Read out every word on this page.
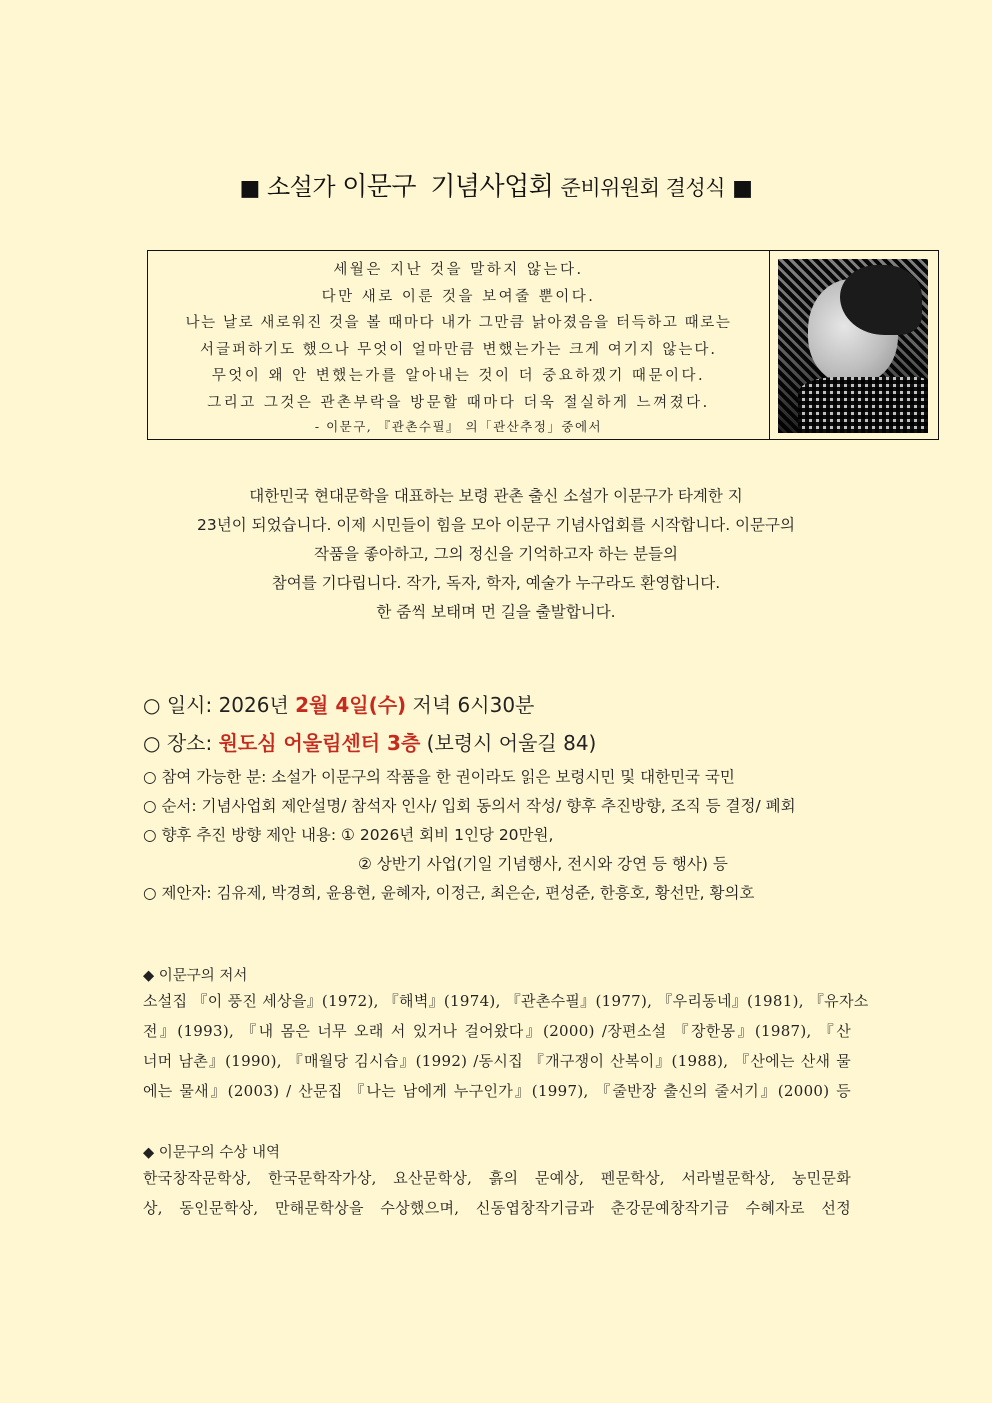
■ 소설가 이문구 기념사업회 준비위원회 결성식 ■
세월은 지난 것을 말하지 않는다.
다만 새로 이룬 것을 보여줄 뿐이다.
나는 날로 새로워진 것을 볼 때마다 내가 그만큼 낡아졌음을 터득하고 때로는
서글퍼하기도 했으나 무엇이 얼마만큼 변했는가는 크게 여기지 않는다.
무엇이 왜 안 변했는가를 알아내는 것이 더 중요하겠기 때문이다.
그리고 그것은 관촌부락을 방문할 때마다 더욱 절실하게 느껴졌다.
- 이문구, 『관촌수필』 의「관산추정」중에서
대한민국 현대문학을 대표하는 보령 관촌 출신 소설가 이문구가 타계한 지
23년이 되었습니다. 이제 시민들이 힘을 모아 이문구 기념사업회를 시작합니다. 이문구의
작품을 좋아하고, 그의 정신을 기억하고자 하는 분들의
참여를 기다립니다. 작가, 독자, 학자, 예술가 누구라도 환영합니다.
한 줌씩 보태며 먼 길을 출발합니다.
○ 일시: 2026년 2월 4일(수) 저녁 6시30분
○ 장소: 원도심 어울림센터 3층 (보령시 어울길 84)
○ 참여 가능한 분: 소설가 이문구의 작품을 한 권이라도 읽은 보령시민 및 대한민국 국민
○ 순서: 기념사업회 제안설명/ 참석자 인사/ 입회 동의서 작성/ 향후 추진방향, 조직 등 결정/ 폐회
○ 향후 추진 방향 제안 내용: ① 2026년 회비 1인당 20만원,
② 상반기 사업(기일 기념행사, 전시와 강연 등 행사) 등
○ 제안자: 김유제, 박경희, 윤용현, 윤혜자, 이정근, 최은순, 편성준, 한흥호, 황선만, 황의호
◆ 이문구의 저서
소설집 『이 풍진 세상을』(1972), 『해벽』(1974), 『관촌수필』(1977), 『우리동네』(1981), 『유자소
전』(1993), 『내 몸은 너무 오래 서 있거나 걸어왔다』(2000) /장편소설 『장한몽』(1987), 『산
너머 남촌』(1990), 『매월당 김시습』(1992) /동시집 『개구쟁이 산복이』(1988), 『산에는 산새 물
에는 물새』(2003) / 산문집 『나는 남에게 누구인가』(1997), 『줄반장 출신의 줄서기』(2000) 등
◆ 이문구의 수상 내역
한국창작문학상, 한국문학작가상, 요산문학상, 흙의 문예상, 펜문학상, 서라벌문학상, 농민문화
상, 동인문학상, 만해문학상을 수상했으며, 신동엽창작기금과 춘강문예창작기금 수혜자로 선정
